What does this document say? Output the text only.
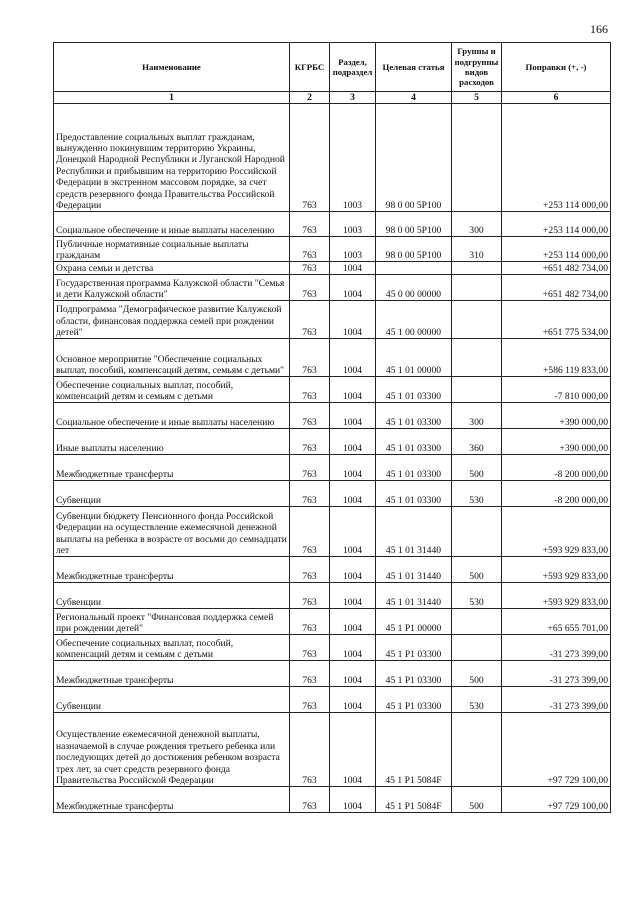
166
Наименование	КГРБС	Раздел, подраздел	Целевая статья	Группы и подгруппы видов расходов	Поправки (+, -)
1	2	3	4	5	6
Предоставление социальных выплат гражданам, вынужденно покинувшим территорию Украины, Донецкой Народной Республики и Луганской Народной Республики и прибывшим на территорию Российской Федерации в экстренном массовом порядке, за счет средств резервного фонда Правительства Российской Федерации	763	1003	98 0 00 5P100		+253 114 000,00
Социальное обеспечение и иные выплаты населению	763	1003	98 0 00 5P100	300	+253 114 000,00
Публичные нормативные социальные выплаты гражданам	763	1003	98 0 00 5P100	310	+253 114 000,00
Охрана семьи и детства	763	1004			+651 482 734,00
Государственная программа Калужской области "Семья и дети Калужской области"	763	1004	45 0 00 00000		+651 482 734,00
Подпрограмма "Демографическое развитие Калужской области, финансовая поддержка семей при рождении детей"	763	1004	45 1 00 00000		+651 775 534,00
Основное мероприятие "Обеспечение социальных выплат, пособий, компенсаций детям, семьям с детьми"	763	1004	45 1 01 00000		+586 119 833,00
Обеспечение социальных выплат, пособий, компенсаций детям и семьям с детьми	763	1004	45 1 01 03300		-7 810 000,00
Социальное обеспечение и иные выплаты населению	763	1004	45 1 01 03300	300	+390 000,00
Иные выплаты населению	763	1004	45 1 01 03300	360	+390 000,00
Межбюджетные трансферты	763	1004	45 1 01 03300	500	-8 200 000,00
Субвенции	763	1004	45 1 01 03300	530	-8 200 000,00
Субвенции бюджету Пенсионного фонда Российской Федерации на осуществление ежемесячной денежной выплаты на ребенка в возрасте от восьми до семнадцати лет	763	1004	45 1 01 31440		+593 929 833,00
Межбюджетные трансферты	763	1004	45 1 01 31440	500	+593 929 833,00
Субвенции	763	1004	45 1 01 31440	530	+593 929 833,00
Региональный проект "Финансовая поддержка семей при рождении детей"	763	1004	45 1 P1 00000		+65 655 701,00
Обеспечение социальных выплат, пособий, компенсаций детям и семьям с детьми	763	1004	45 1 P1 03300		-31 273 399,00
Межбюджетные трансферты	763	1004	45 1 P1 03300	500	-31 273 399,00
Субвенции	763	1004	45 1 P1 03300	530	-31 273 399,00
Осуществление ежемесячной денежной выплаты, назначаемой в случае рождения третьего ребенка или последующих детей до достижения ребенком возраста трех лет, за счет средств резервного фонда Правительства Российской Федерации	763	1004	45 1 P1 5084F		+97 729 100,00
Межбюджетные трансферты	763	1004	45 1 P1 5084F	500	+97 729 100,00
